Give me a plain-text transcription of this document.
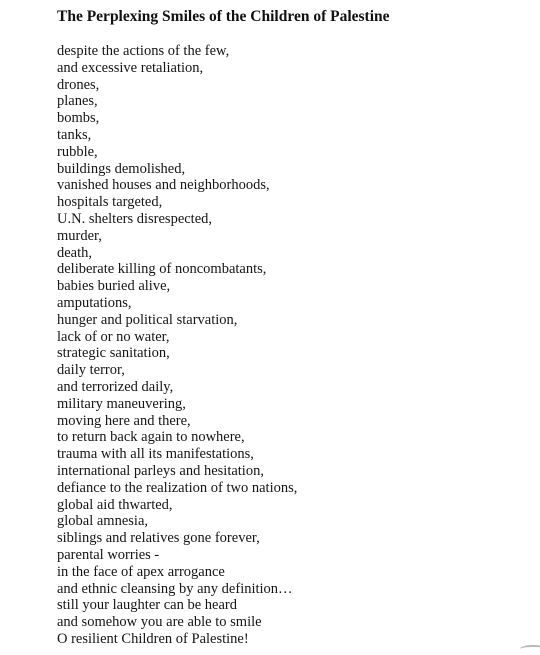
The Perplexing Smiles of the Children of Palestine
despite the actions of the few,
and excessive retaliation,
drones,
planes,
bombs,
tanks,
rubble,
buildings demolished,
vanished houses and neighborhoods,
hospitals targeted,
U.N. shelters disrespected,
murder,
death,
deliberate killing of noncombatants,
babies buried alive,
amputations,
hunger and political starvation,
lack of or no water,
strategic sanitation,
daily terror,
and terrorized daily,
military maneuvering,
moving here and there,
to return back again to nowhere,
trauma with all its manifestations,
international parleys and hesitation,
defiance to the realization of two nations,
global aid thwarted,
global amnesia,
siblings and relatives gone forever,
parental worries -
in the face of apex arrogance
and ethnic cleansing by any definition…
still your laughter can be heard
and somehow you are able to smile
O resilient Children of Palestine!
